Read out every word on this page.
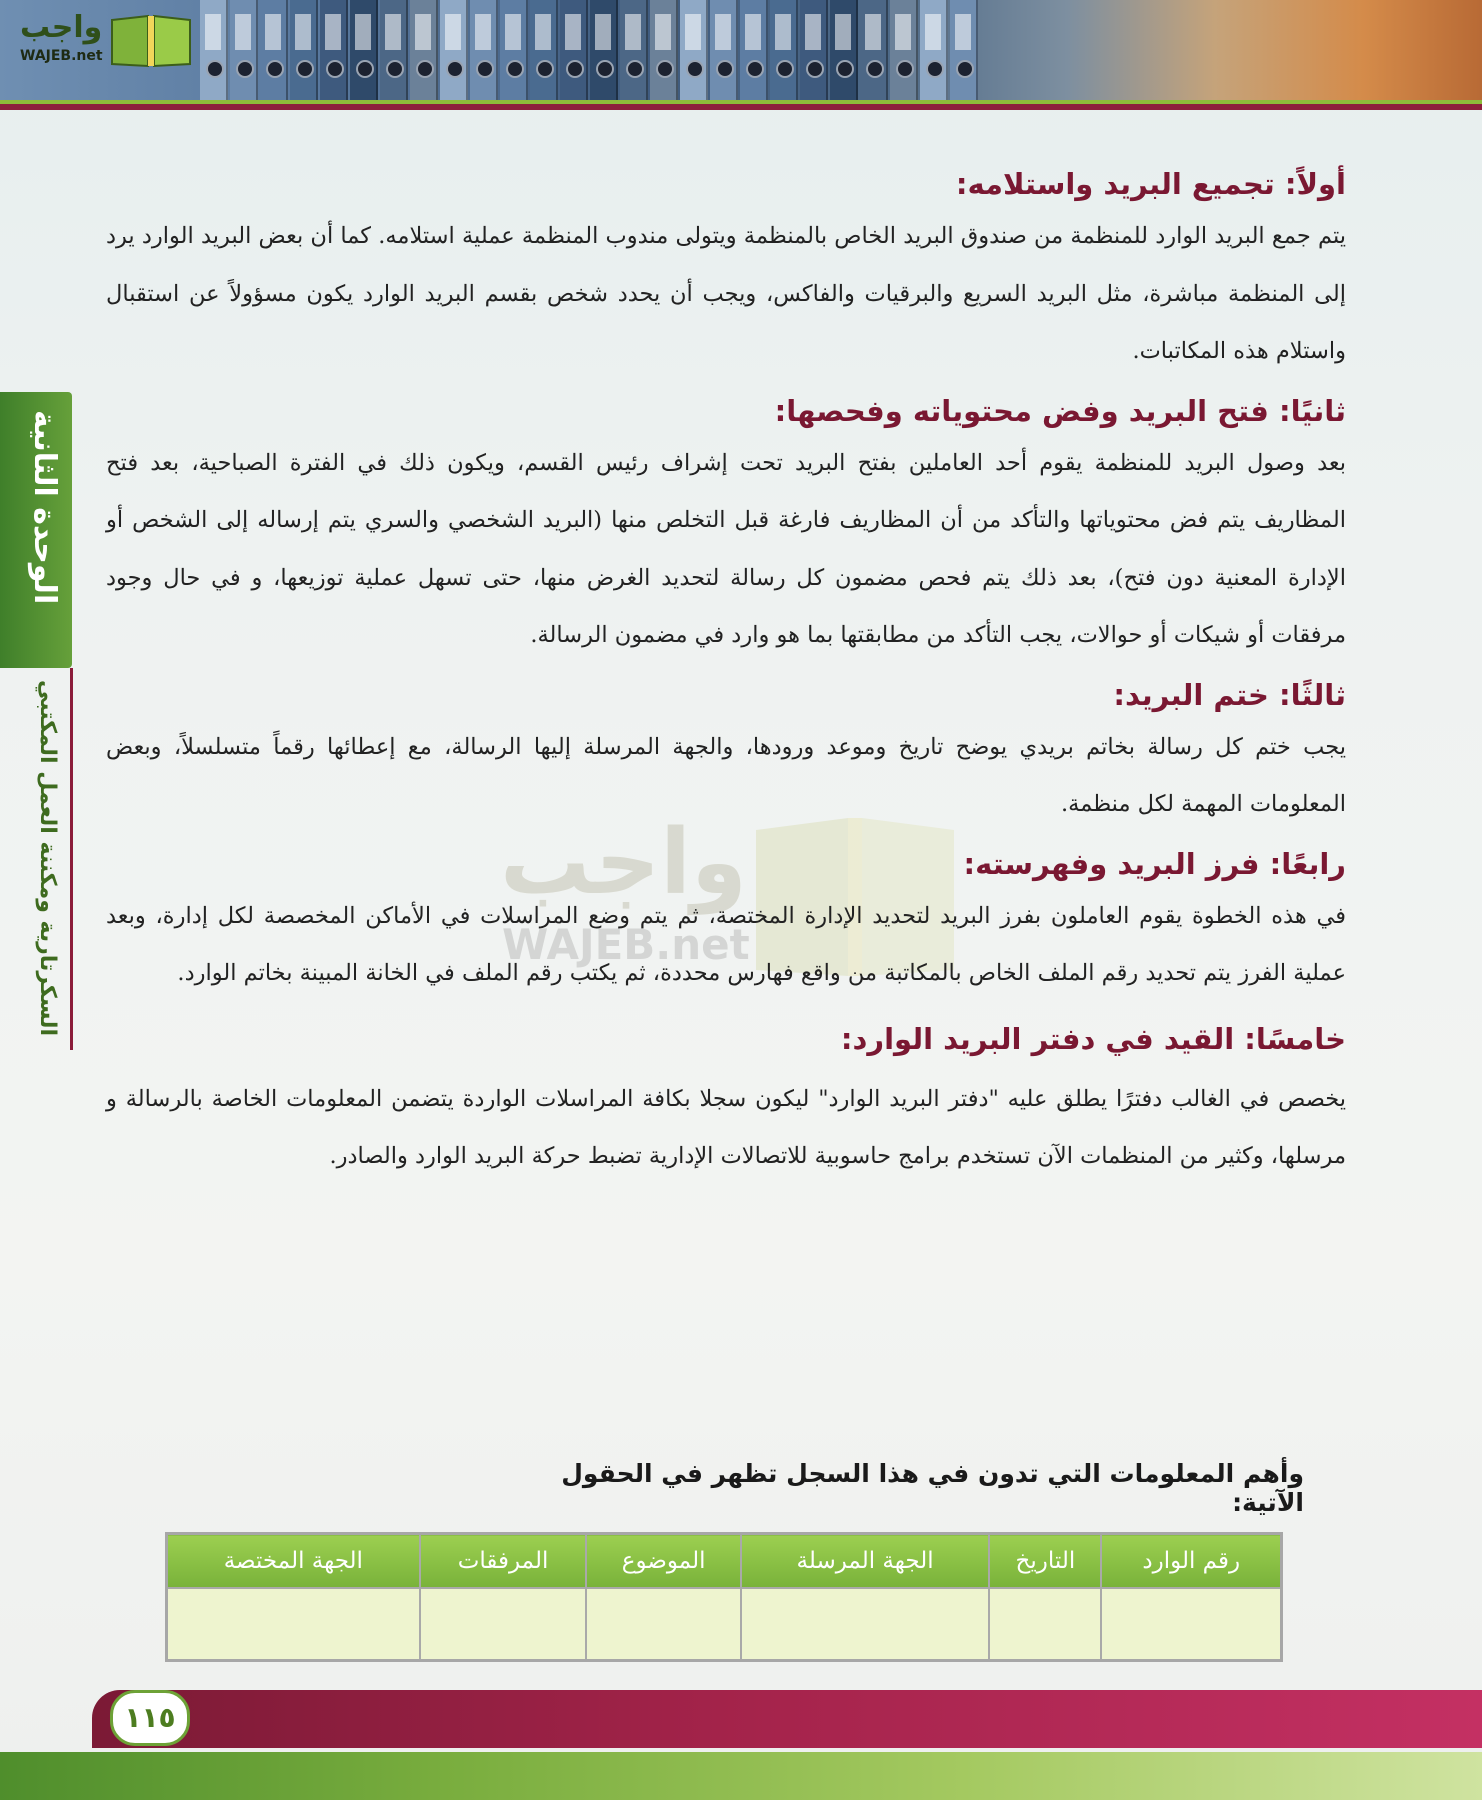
واجب
WAJEB.net
الوحدة الثانية
السكرتارية ومكننة العمل المكتبي	واجب
WAJEB.net
أولاً: تجميع البريد واستلامه:

يتم جمع البريد الوارد للمنظمة من صندوق البريد الخاص بالمنظمة ويتولى مندوب المنظمة عملية استلامه. كما أن بعض البريد الوارد يرد إلى المنظمة مباشرة، مثل البريد السريع والبرقيات والفاكس، ويجب أن يحدد شخص بقسم البريد الوارد يكون مسؤولاً عن استقبال واستلام هذه المكاتبات.

ثانيًا: فتح البريد وفض محتوياته وفحصها:

بعد وصول البريد للمنظمة يقوم أحد العاملين بفتح البريد تحت إشراف رئيس القسم، ويكون ذلك في الفترة الصباحية، بعد فتح المظاريف يتم فض محتوياتها والتأكد من أن المظاريف فارغة قبل التخلص منها (البريد الشخصي والسري يتم إرساله إلى الشخص أو الإدارة المعنية دون فتح)، بعد ذلك يتم فحص مضمون كل رسالة لتحديد الغرض منها، حتى تسهل عملية توزيعها، و في حال وجود مرفقات أو شيكات أو حوالات، يجب التأكد من مطابقتها بما هو وارد في مضمون الرسالة.

ثالثًا: ختم البريد:

يجب ختم كل رسالة بخاتم بريدي يوضح تاريخ وموعد ورودها، والجهة المرسلة إليها الرسالة، مع إعطائها رقماً متسلسلاً، وبعض المعلومات المهمة لكل منظمة.

رابعًا: فرز البريد وفهرسته:

في هذه الخطوة يقوم العاملون بفرز البريد لتحديد الإدارة المختصة، ثم يتم وضع المراسلات في الأماكن المخصصة لكل إدارة، وبعد عملية الفرز يتم تحديد رقم الملف الخاص بالمكاتبة من واقع فهارس محددة، ثم يكتب رقم الملف في الخانة المبينة بخاتم الوارد.

خامسًا: القيد في دفتر البريد الوارد:

يخصص في الغالب دفترًا يطلق عليه "دفتر البريد الوارد" ليكون سجلا بكافة المراسلات الواردة يتضمن المعلومات الخاصة بالرسالة و مرسلها، وكثير من المنظمات الآن تستخدم برامج حاسوبية للاتصالات الإدارية تضبط حركة البريد الوارد والصادر.

وأهم المعلومات التي تدون في هذا السجل تظهر في الحقول الآتية:
رقم الوارد	التاريخ	الجهة المرسلة	الموضوع	المرفقات	الجهة المختصة

١١٥
